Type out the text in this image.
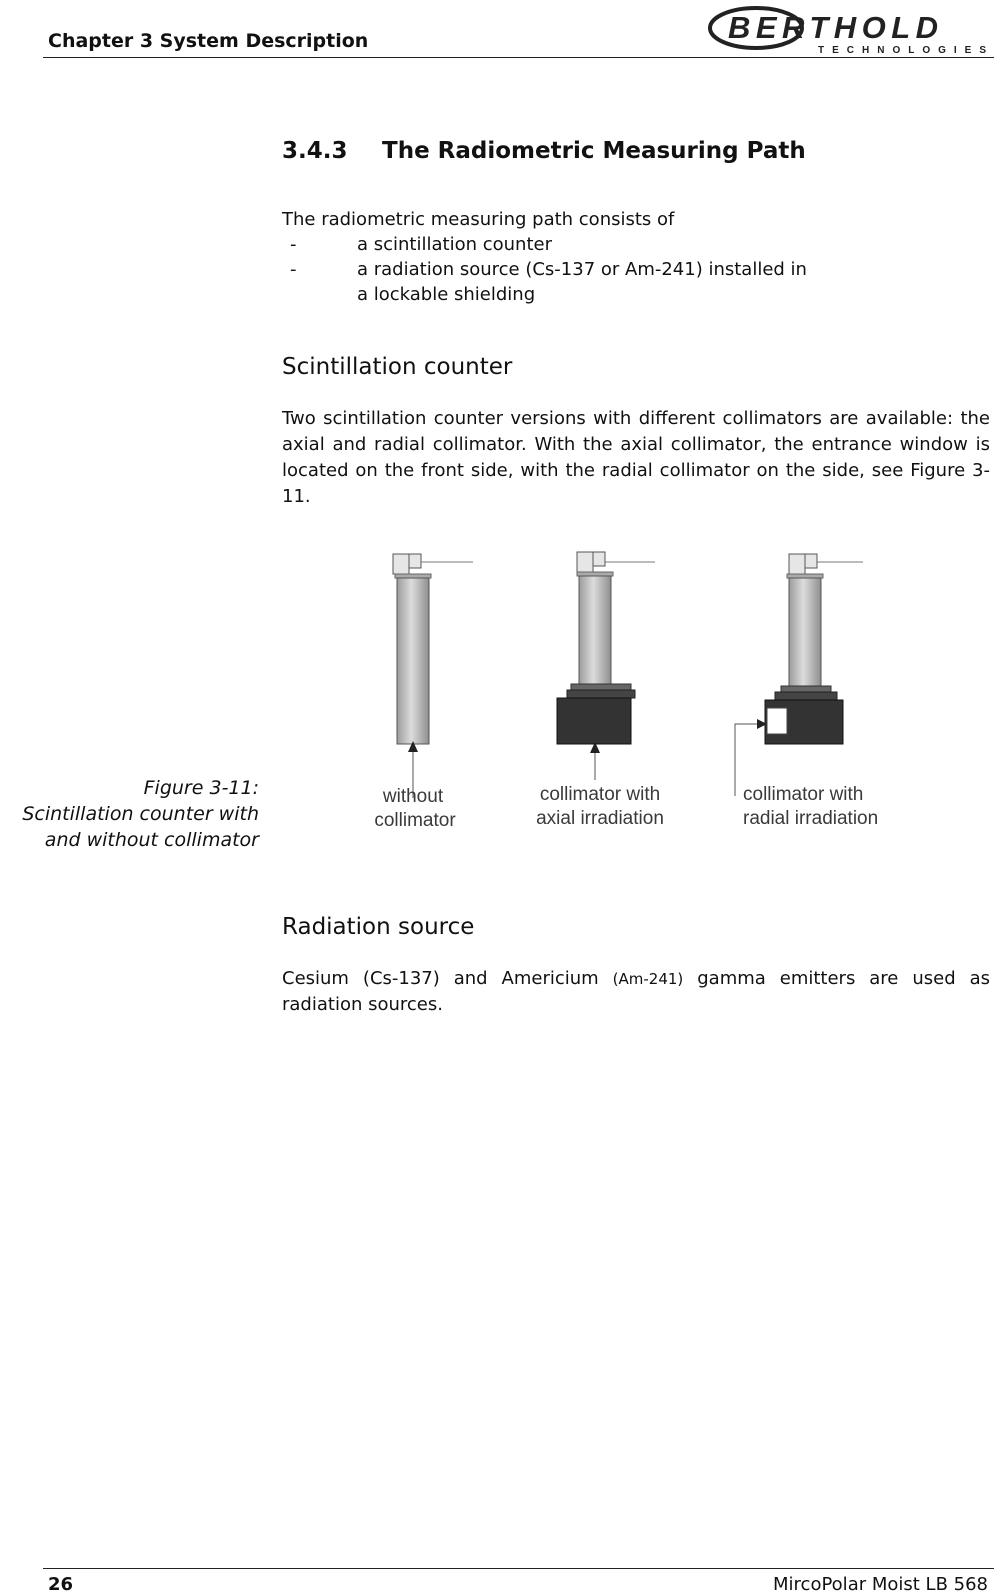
Chapter 3 System Description	BERTHOLD
TECHNOLOGIES
3.4.3 The Radiometric Measuring Path
The radiometric measuring path consists of
-	a scintillation counter
-	a radiation source (Cs-137 or Am-241) installed in
a lockable shielding
Scintillation counter
Two scintillation counter versions with different collimators are available: the axial and radial collimator. With the axial collimator, the entrance window is located on the front side, with the radial collimator on the side, see Figure 3-11.
Figure 3-11:
Scintillation counter with
and without collimator
without
collimator
collimator with
axial irradiation
collimator with
radial irradiation
Radiation source
Cesium (Cs-137) and Americium (Am-241) gamma emitters are used as radiation sources.
26	MircoPolar Moist LB 568
